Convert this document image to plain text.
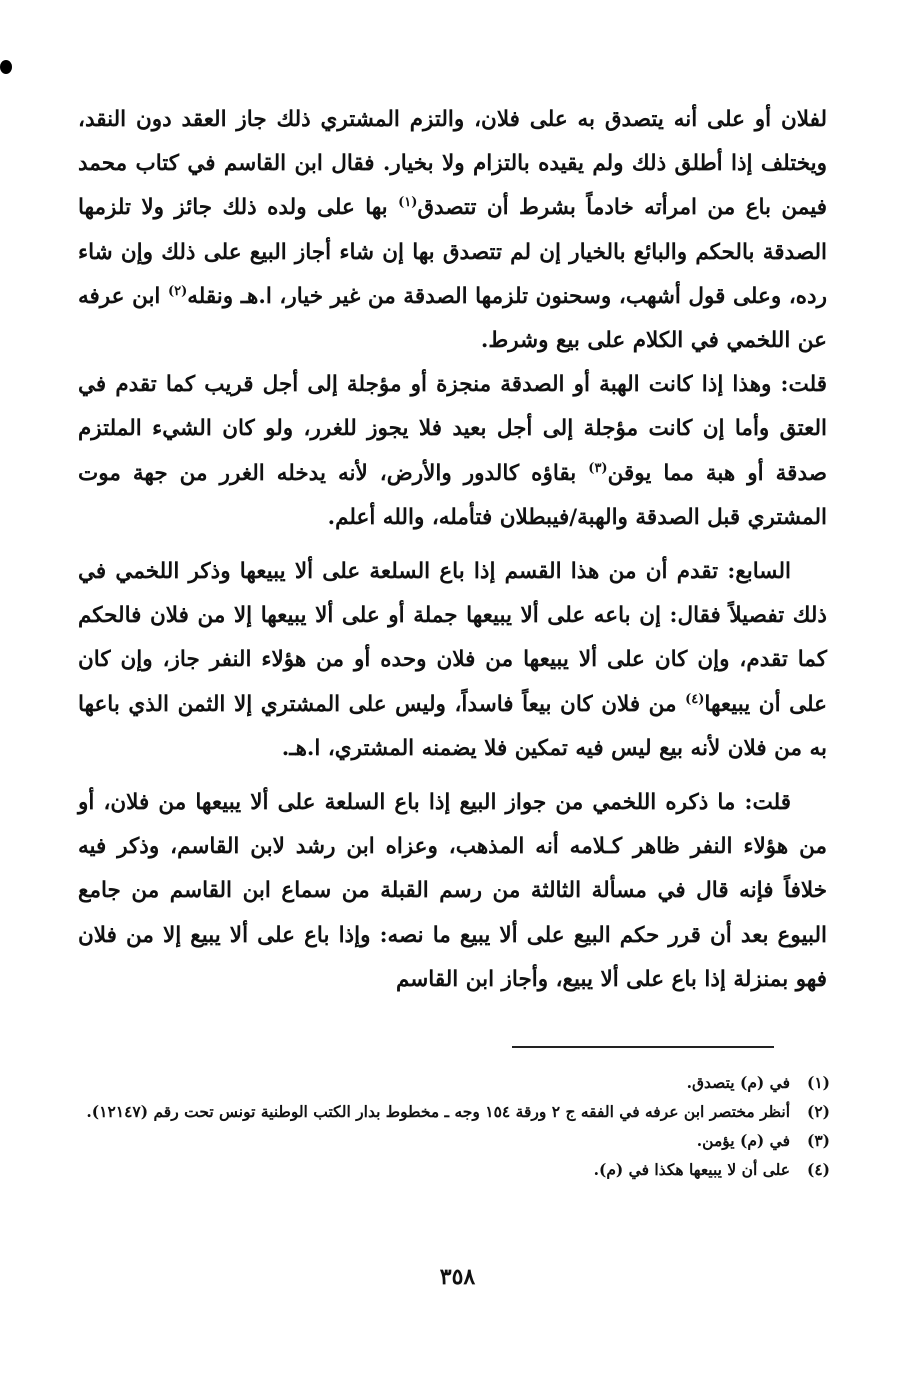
لفلان أو على أنه يتصدق به على فلان، والتزم المشتري ذلك جاز العقد دون النقد، ويختلف إذا أطلق ذلك ولم يقيده بالتزام ولا بخيار. فقال ابن القاسم في كتاب محمد فيمن باع من امرأته خادماً بشرط أن تتصدق$^{(١)}$ بها على ولده ذلك جائز ولا تلزمها الصدقة بالحكم والبائع بالخيار إن لم تتصدق بها إن شاء أجاز البيع على ذلك وإن شاء رده، وعلى قول أشهب، وسحنون تلزمها الصدقة من غير خيار، ا.هـ ونقله$^{(٢)}$ ابن عرفه عن اللخمي في الكلام على بيع وشرط.

قلت: وهذا إذا كانت الهبة أو الصدقة منجزة أو مؤجلة إلى أجل قريب كما تقدم في العتق وأما إن كانت مؤجلة إلى أجل بعيد فلا يجوز للغرر، ولو كان الشيء الملتزم صدقة أو هبة مما يوقن$^{(٣)}$ بقاؤه كالدور والأرض، لأنه يدخله الغرر من جهة موت المشتري قبل الصدقة والهبة/فيبطلان فتأمله، والله أعلم.

السابع: تقدم أن من هذا القسم إذا باع السلعة على ألا يبيعها وذكر اللخمي في ذلك تفصيلاً فقال: إن باعه على ألا يبيعها جملة أو على ألا يبيعها إلا من فلان فالحكم كما تقدم، وإن كان على ألا يبيعها من فلان وحده أو من هؤلاء النفر جاز، وإن كان على أن يبيعها$^{(٤)}$ من فلان كان بيعاً فاسداً، وليس على المشتري إلا الثمن الذي باعها به من فلان لأنه بيع ليس فيه تمكين فلا يضمنه المشتري، ا.هـ.

قلت: ما ذكره اللخمي من جواز البيع إذا باع السلعة على ألا يبيعها من فلان، أو من هؤلاء النفر ظاهر كـلامه أنه المذهب، وعزاه ابن رشد لابن القاسم، وذكر فيه خلافاً فإنه قال في مسألة الثالثة من رسم القبلة من سماع ابن القاسم من جامع البيوع بعد أن قرر حكم البيع على ألا يبيع ما نصه: وإذا باع على ألا يبيع إلا من فلان فهو بمنزلة إذا باع على ألا يبيع، وأجاز ابن القاسم

(١)
في (م) يتصدق.
(٢)
أنظر مختصر ابن عرفه في الفقه ج ٢ ورقة ١٥٤ وجه ـ مخطوط بدار الكتب الوطنية تونس تحت رقم (١٢١٤٧).
(٣)
في (م) يؤمن.
(٤)
على أن لا يبيعها هكذا في (م).
٣٥٨
